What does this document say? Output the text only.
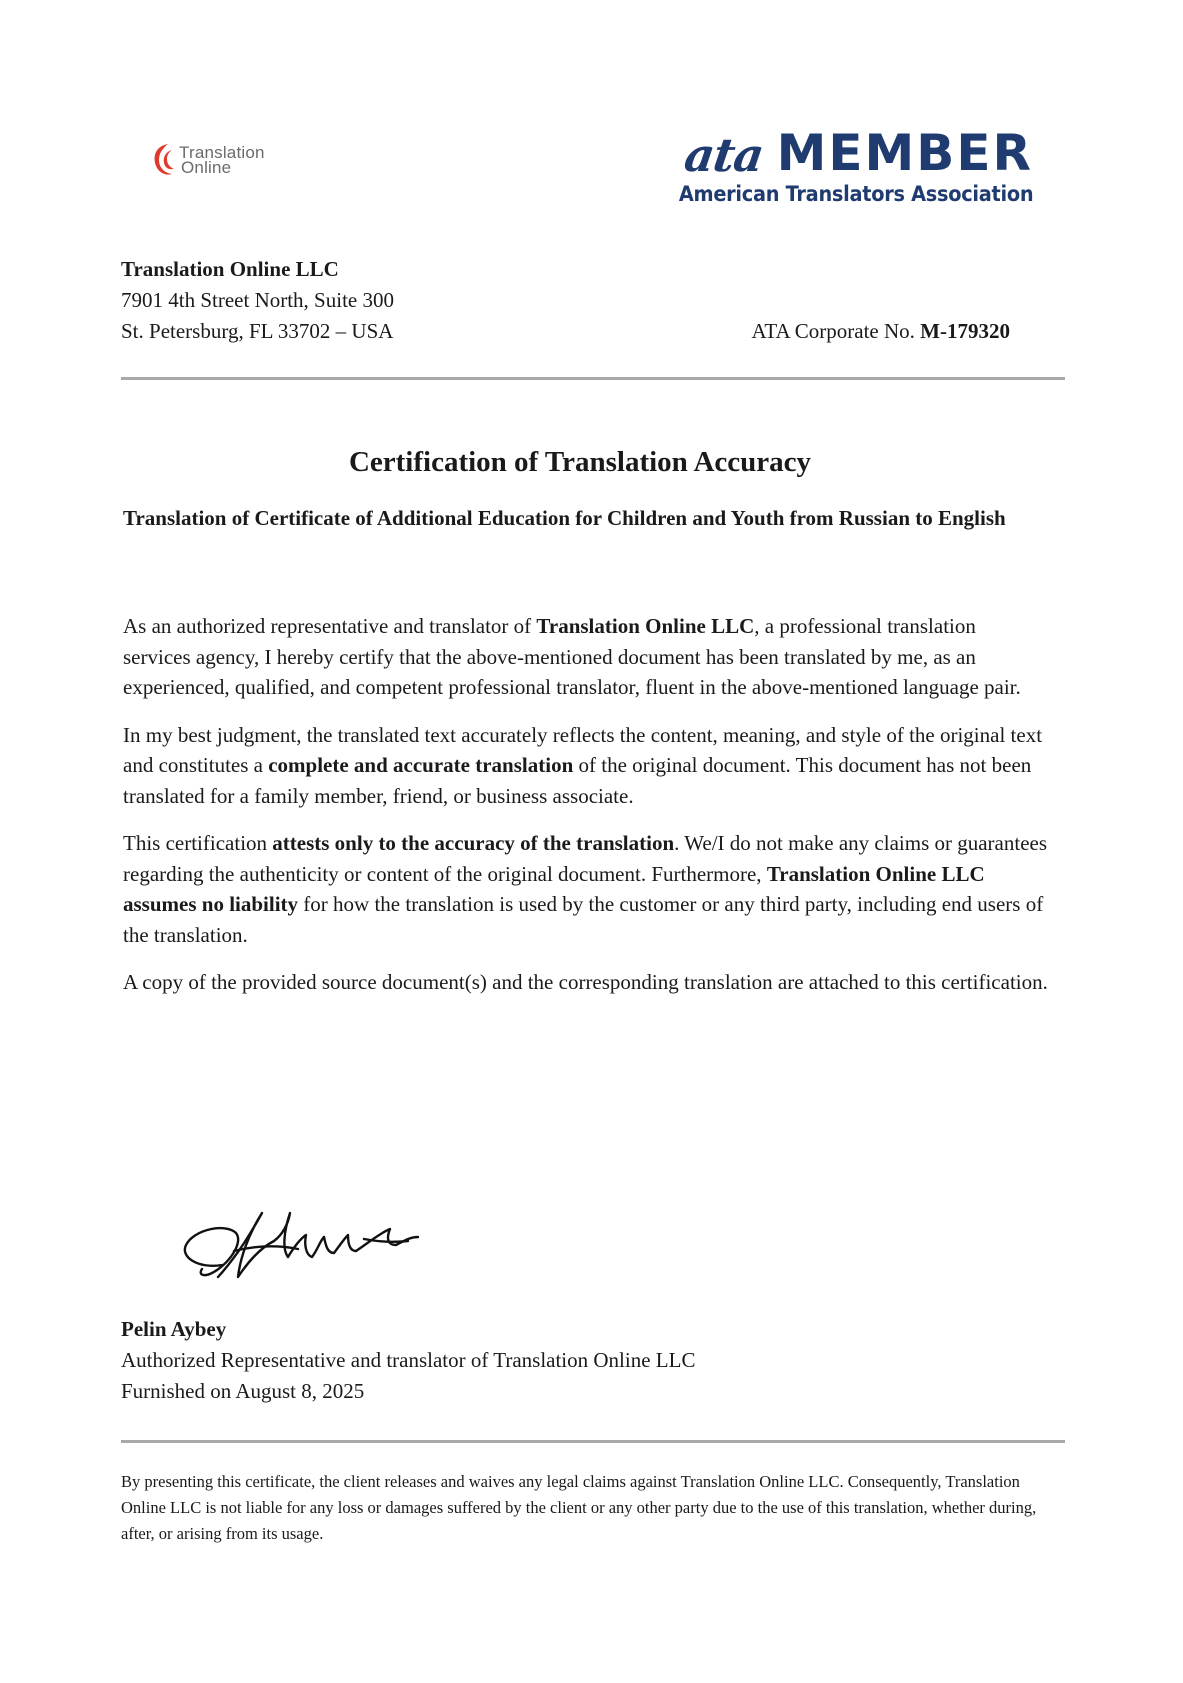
Translation
Online	ata MEMBER
American Translators Association
Translation Online LLC
7901 4th Street North, Suite 300
St. Petersburg, FL 33702 – USA	ATA Corporate No. M-179320
Certification of Translation Accuracy
Translation of Certificate of Additional Education for Children and Youth from Russian to English

As an authorized representative and translator of Translation Online LLC, a professional translation services agency, I hereby certify that the above-mentioned document has been translated by me, as an experienced, qualified, and competent professional translator, fluent in the above-mentioned language pair.

In my best judgment, the translated text accurately reflects the content, meaning, and style of the original text and constitutes a complete and accurate translation of the original document. This document has not been translated for a family member, friend, or business associate.

This certification attests only to the accuracy of the translation. We/I do not make any claims or guarantees regarding the authenticity or content of the original document. Furthermore, Translation Online LLC assumes no liability for how the translation is used by the customer or any third party, including end users of the translation.

A copy of the provided source document(s) and the corresponding translation are attached to this certification.

Pelin Aybey
Authorized Representative and translator of Translation Online LLC
Furnished on August 8, 2025
By presenting this certificate, the client releases and waives any legal claims against Translation Online LLC. Consequently, Translation Online LLC is not liable for any loss or damages suffered by the client or any other party due to the use of this translation, whether during, after, or arising from its usage.
